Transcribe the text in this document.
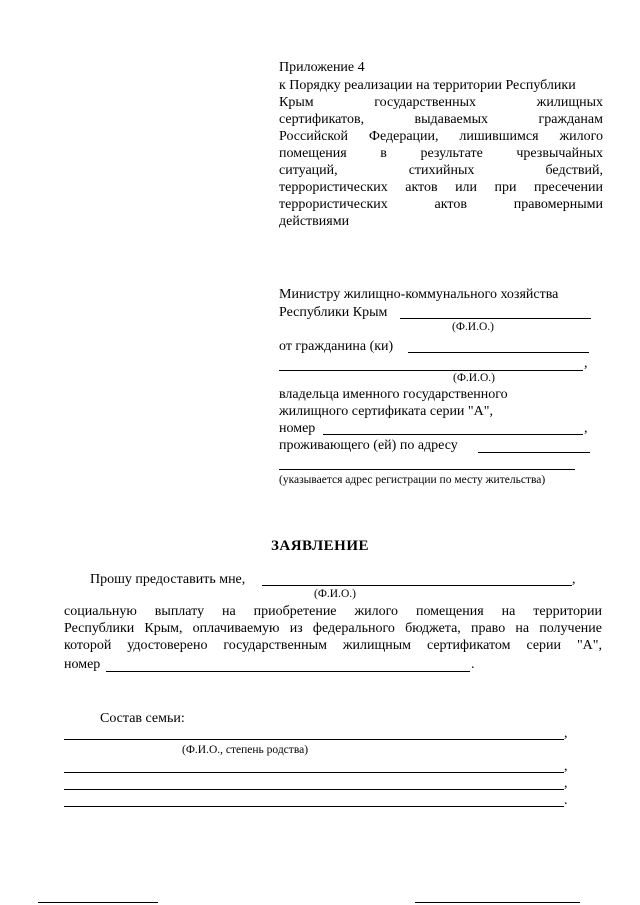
Приложение 4
к Порядку реализации на территории Республики
Крым государственных жилищных
сертификатов, выдаваемых гражданам
Российской Федерации, лишившимся жилого
помещения в результате чрезвычайных
ситуаций, стихийных бедствий,
террористических актов или при пресечении
террористических актов правомерными
действиями
Министру жилищно-коммунального хозяйства
Республики Крым
(Ф.И.О.)
от гражданина (ки)
,
(Ф.И.О.)
владельца именного государственного
жилищного сертификата серии "А",
номер	,
проживающего (ей) по адресу
(указывается адрес регистрации по месту жительства)
ЗАЯВЛЕНИЕ
Прошу предоставить мне,	,
(Ф.И.О.)
социальную выплату на приобретение жилого помещения на территории
Республики Крым, оплачиваемую из федерального бюджета, право на получение
которой удостоверено государственным жилищным сертификатом серии "А",
номер	.
Состав семьи:
,
(Ф.И.О., степень родства)
,
,
.
